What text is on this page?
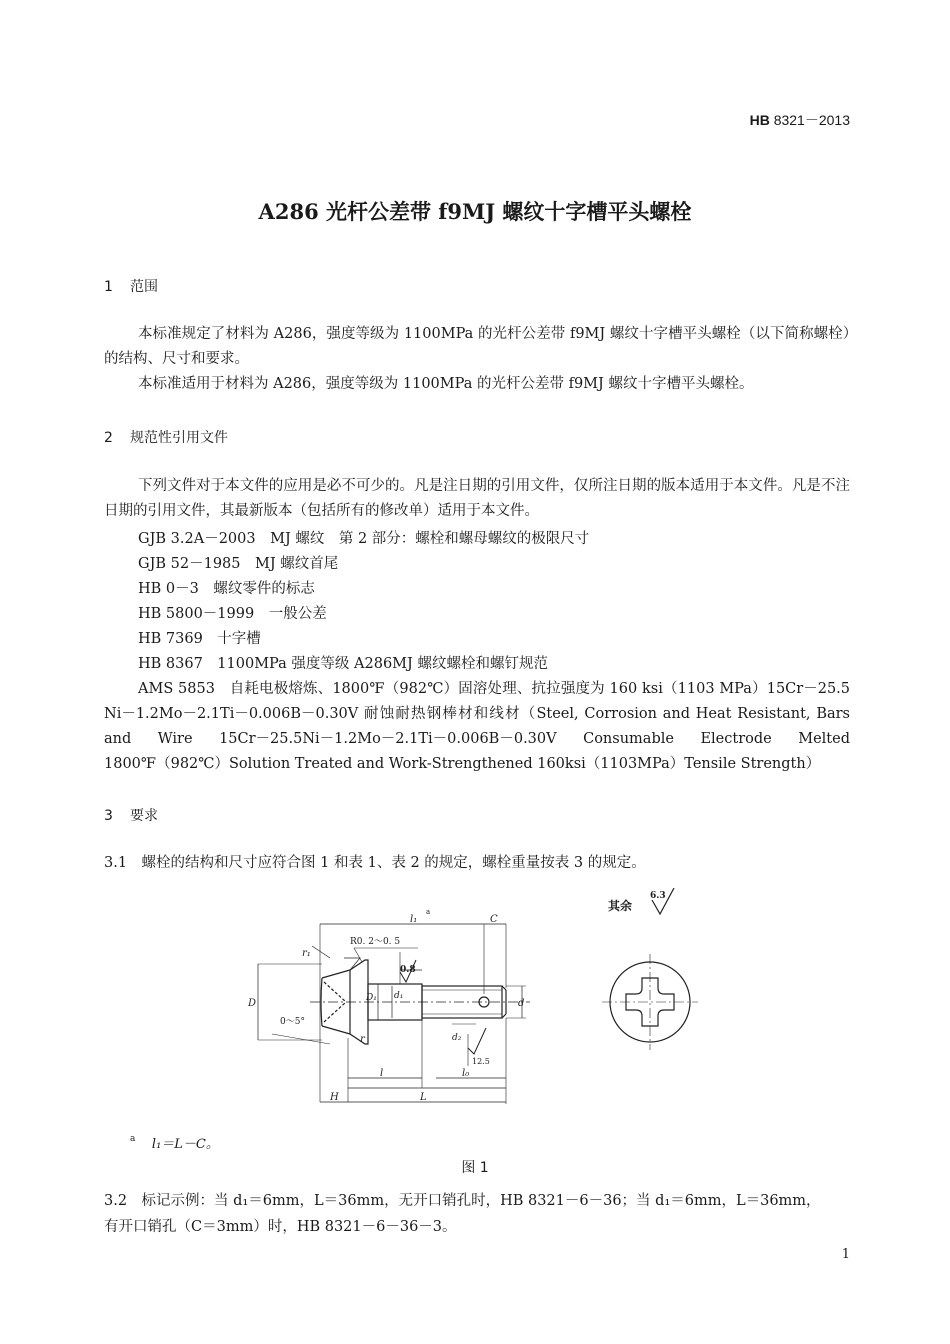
HB 8321－2013
A286 光杆公差带 f9MJ 螺纹十字槽平头螺栓
1 范围

本标准规定了材料为 A286，强度等级为 1100MPa 的光杆公差带 f9MJ 螺纹十字槽平头螺栓（以下简称螺栓）的结构、尺寸和要求。

本标准适用于材料为 A286，强度等级为 1100MPa 的光杆公差带 f9MJ 螺纹十字槽平头螺栓。

2 规范性引用文件

下列文件对于本文件的应用是必不可少的。凡是注日期的引用文件，仅所注日期的版本适用于本文件。凡是不注日期的引用文件，其最新版本（包括所有的修改单）适用于本文件。

GJB 3.2A－2003　MJ 螺纹　第 2 部分：螺栓和螺母螺纹的极限尺寸
GJB 52－1985　MJ 螺纹首尾
HB 0－3　螺纹零件的标志
HB 5800－1999　一般公差
HB 7369　十字槽
HB 8367　1100MPa 强度等级 A286MJ 螺纹螺栓和螺钉规范

AMS 5853　自耗电极熔炼、1800℉（982℃）固溶处理、抗拉强度为 160 ksi（1103 MPa）15Cr－25.5 Ni－1.2Mo－2.1Ti－0.006B－0.30V 耐蚀耐热钢棒材和线材（Steel, Corrosion and Heat Resistant, Bars and Wire 15Cr－25.5Ni－1.2Mo－2.1Ti－0.006B－0.30V Consumable Electrode Melted 1800℉（982℃）Solution Treated and Work-Strengthened 160ksi（1103MPa）Tensile Strength）

3 要求
3.1　螺栓的结构和尺寸应符合图 1 和表 1、表 2 的规定，螺栓重量按表 3 的规定。
l₁
a
C
r₁
R0. 2～0. 5
0.8
D
0～5°
D₁ d₁
d
d₂
r
12.5
l	l₀
H	L
其余
6.3
$^a$ l₁＝L－C。
图 1
3.2　标记示例：当 d₁＝6mm，L＝36mm，无开口销孔时，HB 8321－6－36；当 d₁＝6mm，L＝36mm，
有开口销孔（C＝3mm）时，HB 8321－6－36－3。
1
